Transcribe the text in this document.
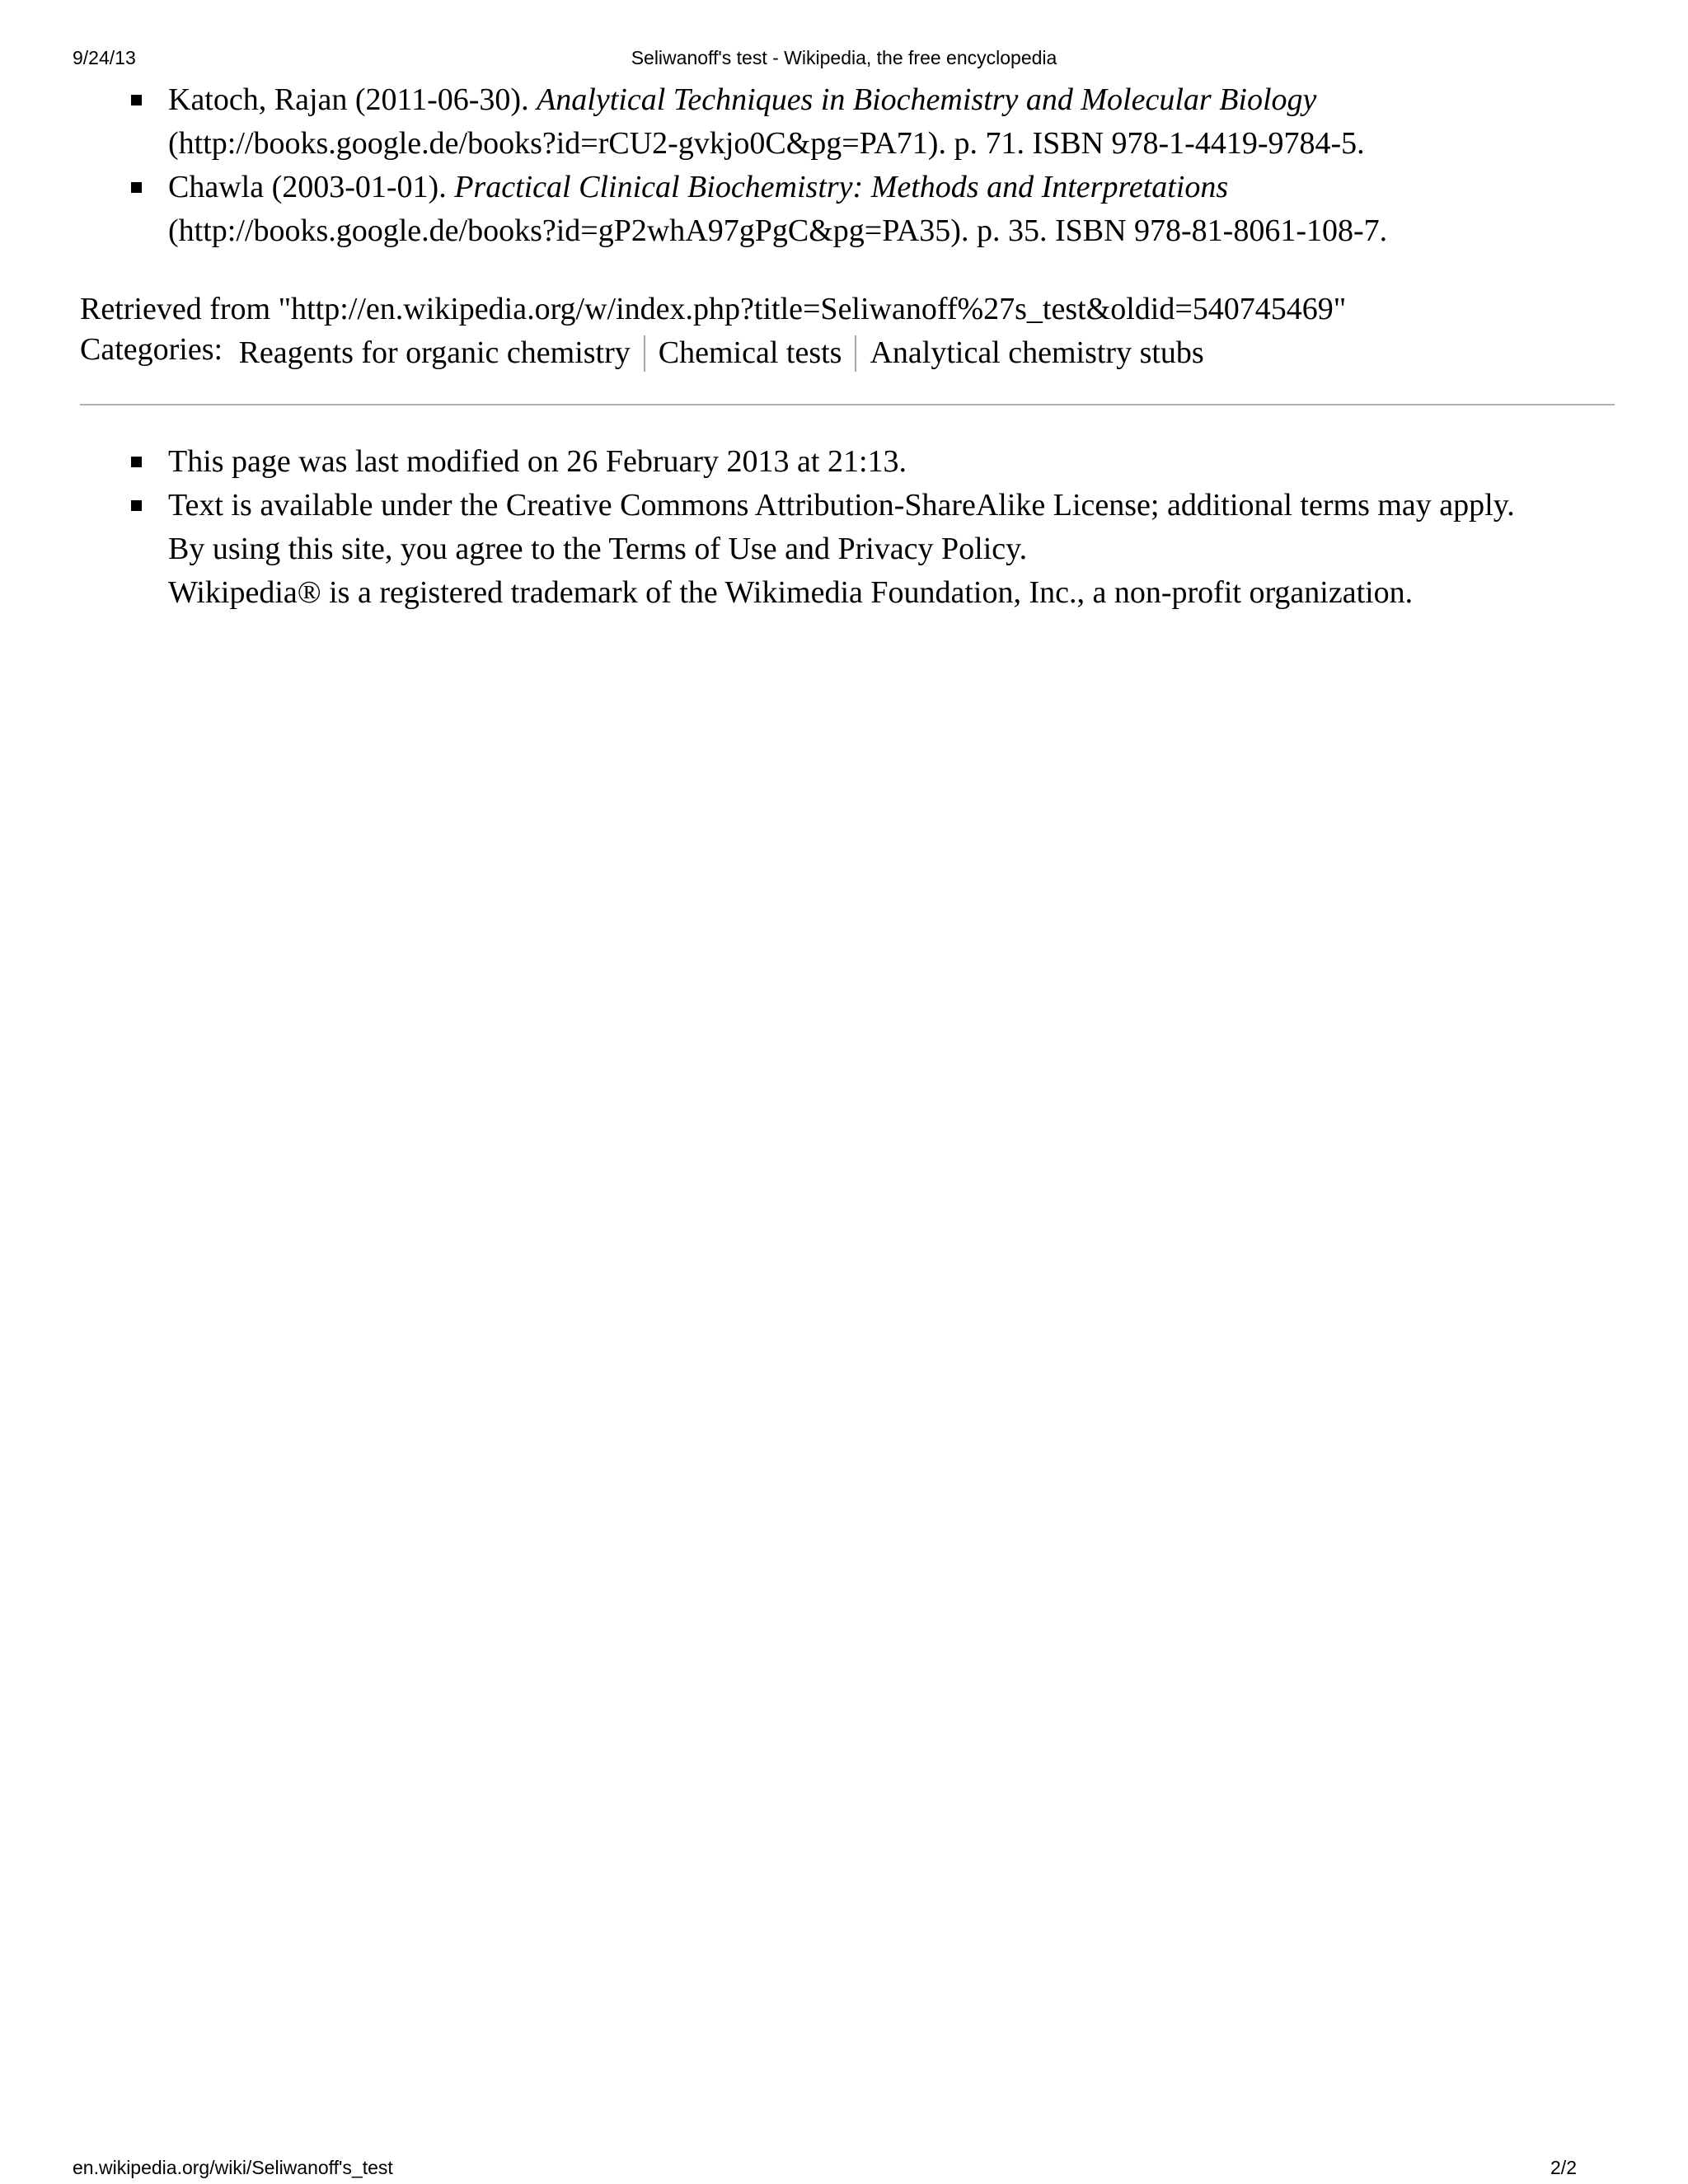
9/24/13	Seliwanoff's test - Wikipedia, the free encyclopedia
Katoch, Rajan (2011-06-30). Analytical Techniques in Biochemistry and Molecular Biology
(http://books.google.de/books?id=rCU2-gvkjo0C&pg=PA71). p. 71. ISBN 978-1-4419-9784-5.
Chawla (2003-01-01). Practical Clinical Biochemistry: Methods and Interpretations
(http://books.google.de/books?id=gP2whA97gPgC&pg=PA35). p. 35. ISBN 978-81-8061-108-7.
Retrieved from "http://en.wikipedia.org/w/index.php?title=Seliwanoff%27s_test&oldid=540745469"
Categories: Reagents for organic chemistry Chemical tests Analytical chemistry stubs
This page was last modified on 26 February 2013 at 21:13.
Text is available under the Creative Commons Attribution-ShareAlike License; additional terms may apply.
By using this site, you agree to the Terms of Use and Privacy Policy.
Wikipedia® is a registered trademark of the Wikimedia Foundation, Inc., a non-profit organization.
en.wikipedia.org/wiki/Seliwanoff's_test	2/2
